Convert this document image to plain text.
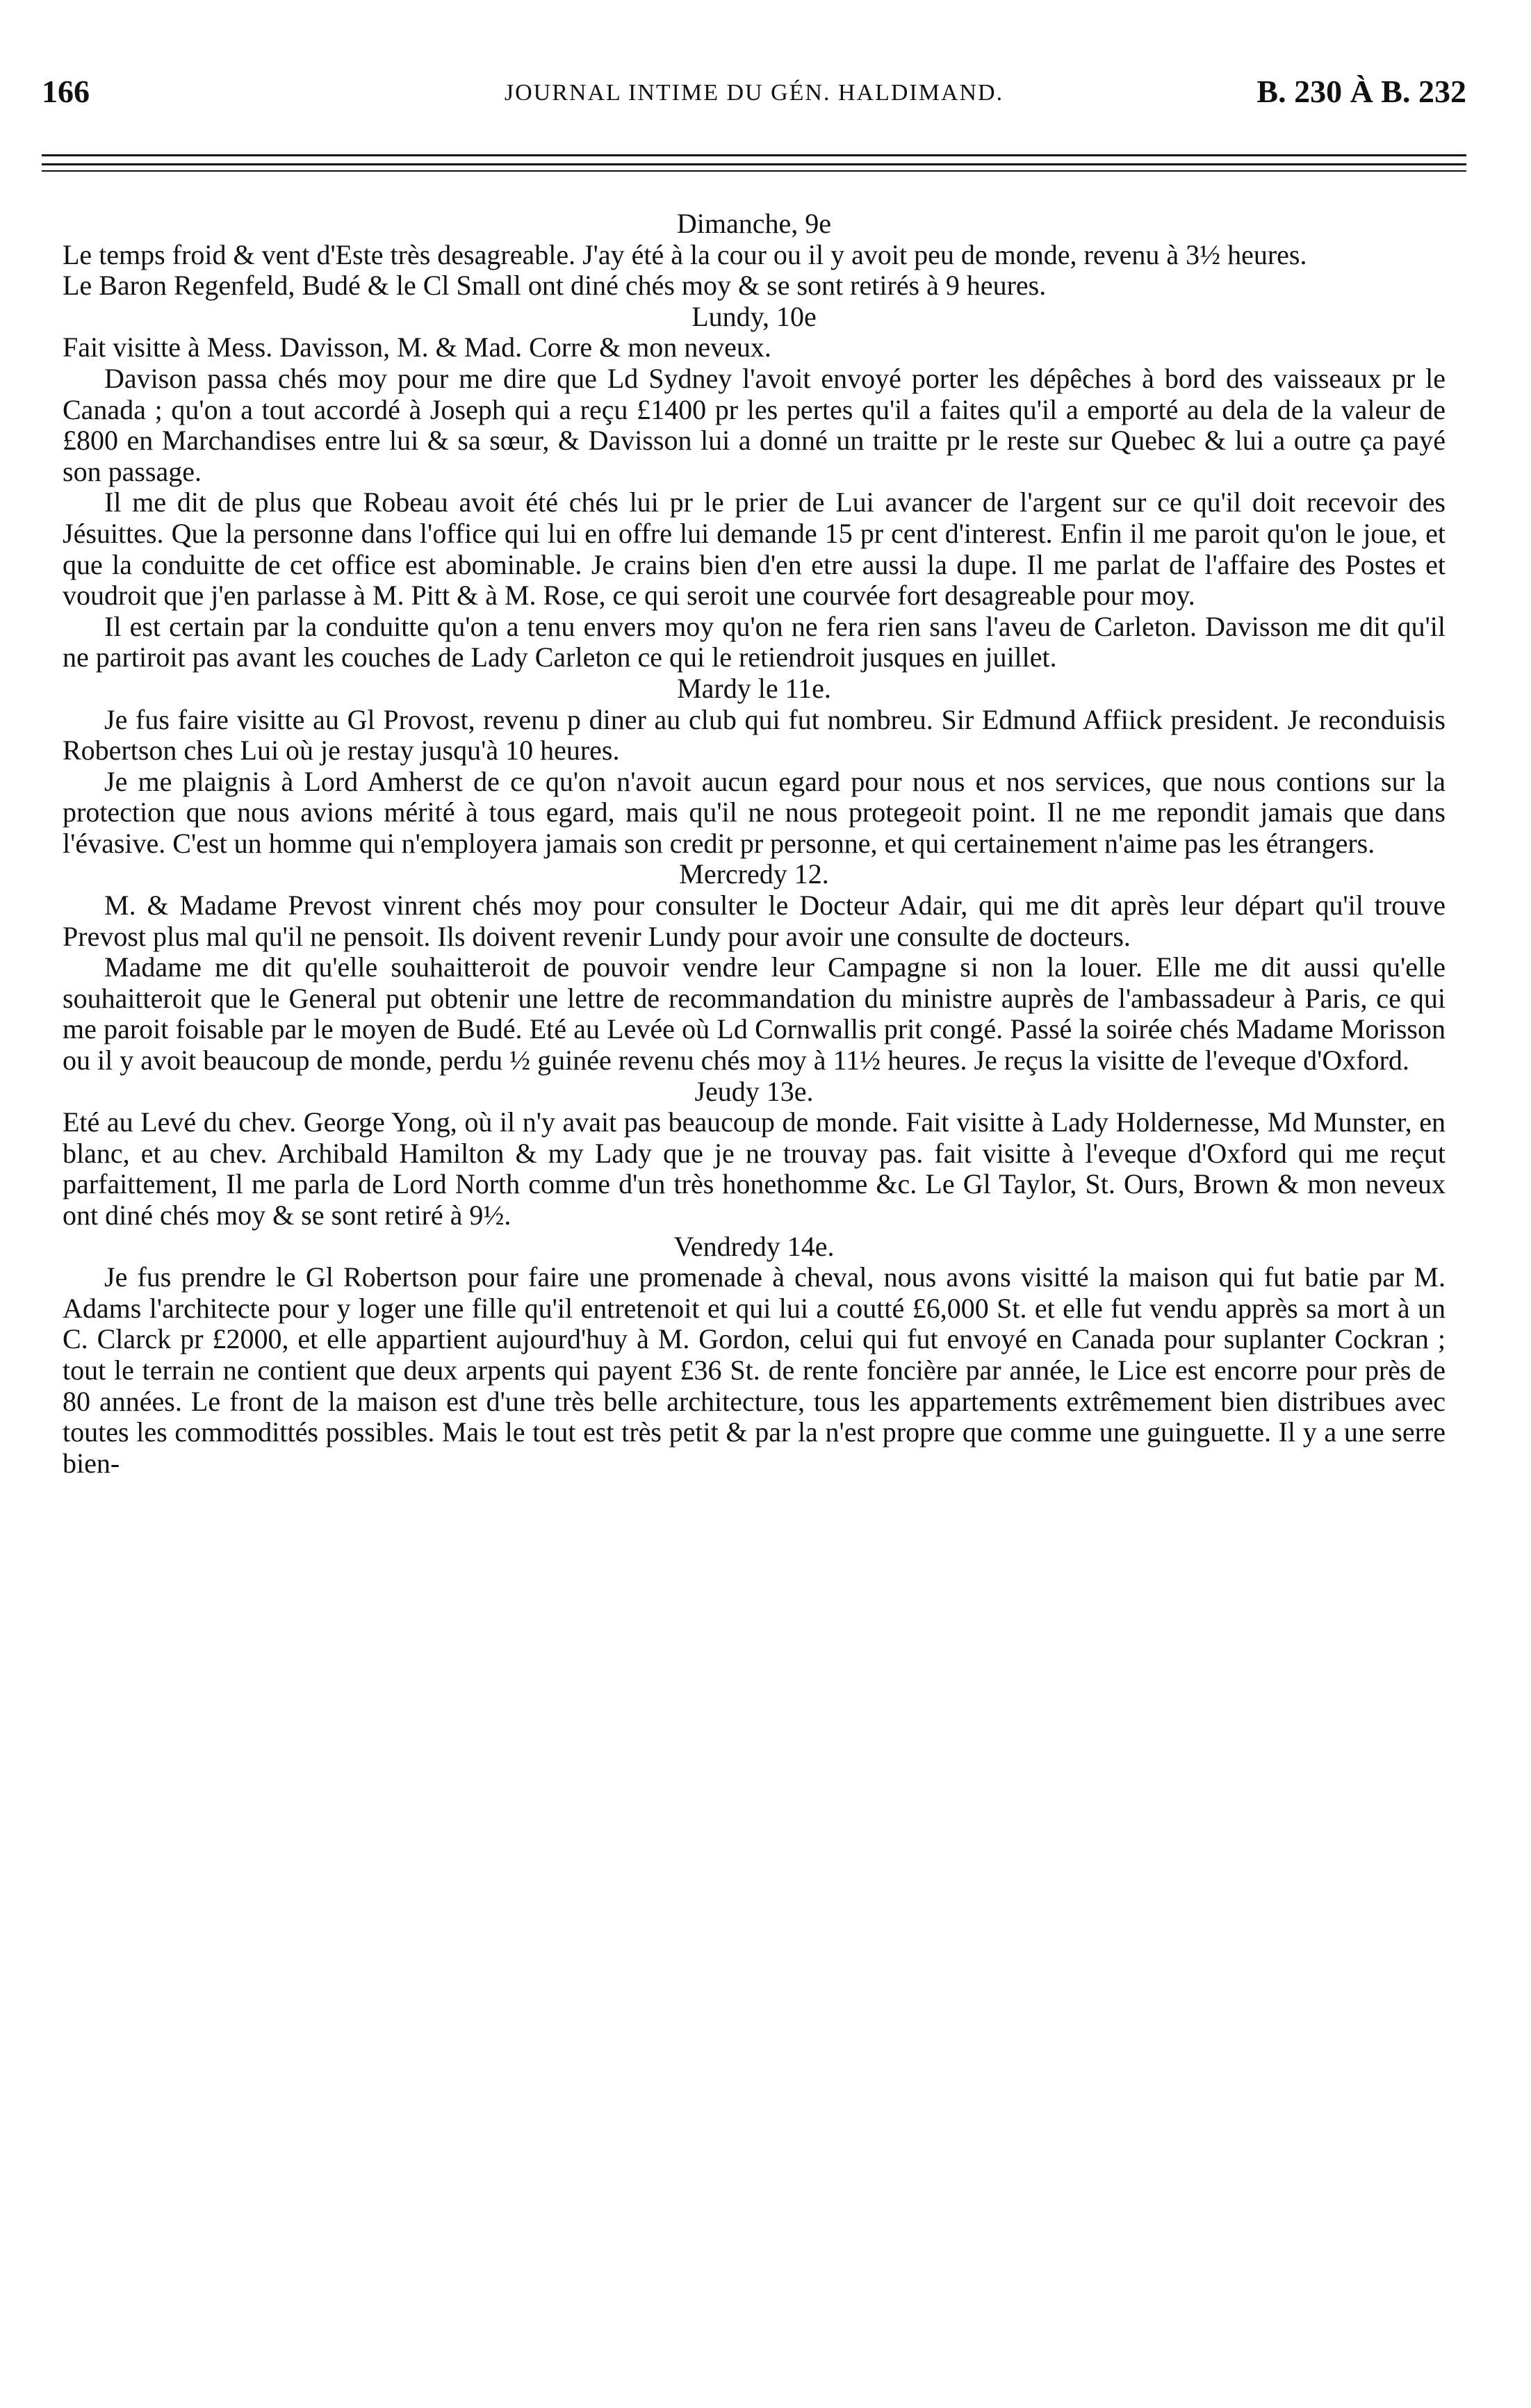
166	JOURNAL INTIME DU GÉN. HALDIMAND.	B. 230 À B. 232

Dimanche, 9e

Le temps froid & vent d'Este très desagreable. J'ay été à la cour ou il y avoit peu de monde, revenu à 3½ heures.

Le Baron Regenfeld, Budé & le Cl Small ont diné chés moy & se sont retirés à 9 heures.

Lundy, 10e

Fait visitte à Mess. Davisson, M. & Mad. Corre & mon neveux.

Davison passa chés moy pour me dire que Ld Sydney l'avoit envoyé porter les dépêches à bord des vaisseaux pr le Canada ; qu'on a tout accordé à Joseph qui a reçu £1400 pr les pertes qu'il a faites qu'il a emporté au dela de la valeur de £800 en Marchandises entre lui & sa sœur, & Davisson lui a donné un traitte pr le reste sur Quebec & lui a outre ça payé son passage.

Il me dit de plus que Robeau avoit été chés lui pr le prier de Lui avancer de l'argent sur ce qu'il doit recevoir des Jésuittes. Que la personne dans l'office qui lui en offre lui demande 15 pr cent d'interest. Enfin il me paroit qu'on le joue, et que la conduitte de cet office est abominable. Je crains bien d'en etre aussi la dupe. Il me parlat de l'affaire des Postes et voudroit que j'en parlasse à M. Pitt & à M. Rose, ce qui seroit une courvée fort desagreable pour moy.

Il est certain par la conduitte qu'on a tenu envers moy qu'on ne fera rien sans l'aveu de Carleton. Davisson me dit qu'il ne partiroit pas avant les couches de Lady Carleton ce qui le retiendroit jusques en juillet.

Mardy le 11e.

Je fus faire visitte au Gl Provost, revenu p diner au club qui fut nombreu. Sir Edmund Affiick president. Je reconduisis Robertson ches Lui où je restay jusqu'à 10 heures.

Je me plaignis à Lord Amherst de ce qu'on n'avoit aucun egard pour nous et nos services, que nous contions sur la protection que nous avions mérité à tous egard, mais qu'il ne nous protegeoit point. Il ne me repondit jamais que dans l'évasive. C'est un homme qui n'employera jamais son credit pr personne, et qui certainement n'aime pas les étrangers.

Mercredy 12.

M. & Madame Prevost vinrent chés moy pour consulter le Docteur Adair, qui me dit après leur départ qu'il trouve Prevost plus mal qu'il ne pensoit. Ils doivent revenir Lundy pour avoir une consulte de docteurs.

Madame me dit qu'elle souhaitteroit de pouvoir vendre leur Campagne si non la louer. Elle me dit aussi qu'elle souhaitteroit que le General put obtenir une lettre de recommandation du ministre auprès de l'ambassadeur à Paris, ce qui me paroit foisable par le moyen de Budé. Eté au Levée où Ld Cornwallis prit congé. Passé la soirée chés Madame Morisson ou il y avoit beaucoup de monde, perdu ½ guinée revenu chés moy à 11½ heures. Je reçus la visitte de l'eveque d'Oxford.

Jeudy 13e.

Eté au Levé du chev. George Yong, où il n'y avait pas beaucoup de monde. Fait visitte à Lady Holdernesse, Md Munster, en blanc, et au chev. Archibald Hamilton & my Lady que je ne trouvay pas. fait visitte à l'eveque d'Oxford qui me reçut parfaittement, Il me parla de Lord North comme d'un très honethomme &c. Le Gl Taylor, St. Ours, Brown & mon neveux ont diné chés moy & se sont retiré à 9½.

Vendredy 14e.

Je fus prendre le Gl Robertson pour faire une promenade à cheval, nous avons visitté la maison qui fut batie par M. Adams l'architecte pour y loger une fille qu'il entretenoit et qui lui a coutté £6,000 St. et elle fut vendu apprès sa mort à un C. Clarck pr £2000, et elle appartient aujourd'huy à M. Gordon, celui qui fut envoyé en Canada pour suplanter Cockran ; tout le terrain ne contient que deux arpents qui payent £36 St. de rente foncière par année, le Lice est encorre pour près de 80 années. Le front de la maison est d'une très belle architecture, tous les appartements extrêmement bien distribues avec toutes les commodittés possibles. Mais le tout est très petit & par la n'est propre que comme une guinguette. Il y a une serre bien-
